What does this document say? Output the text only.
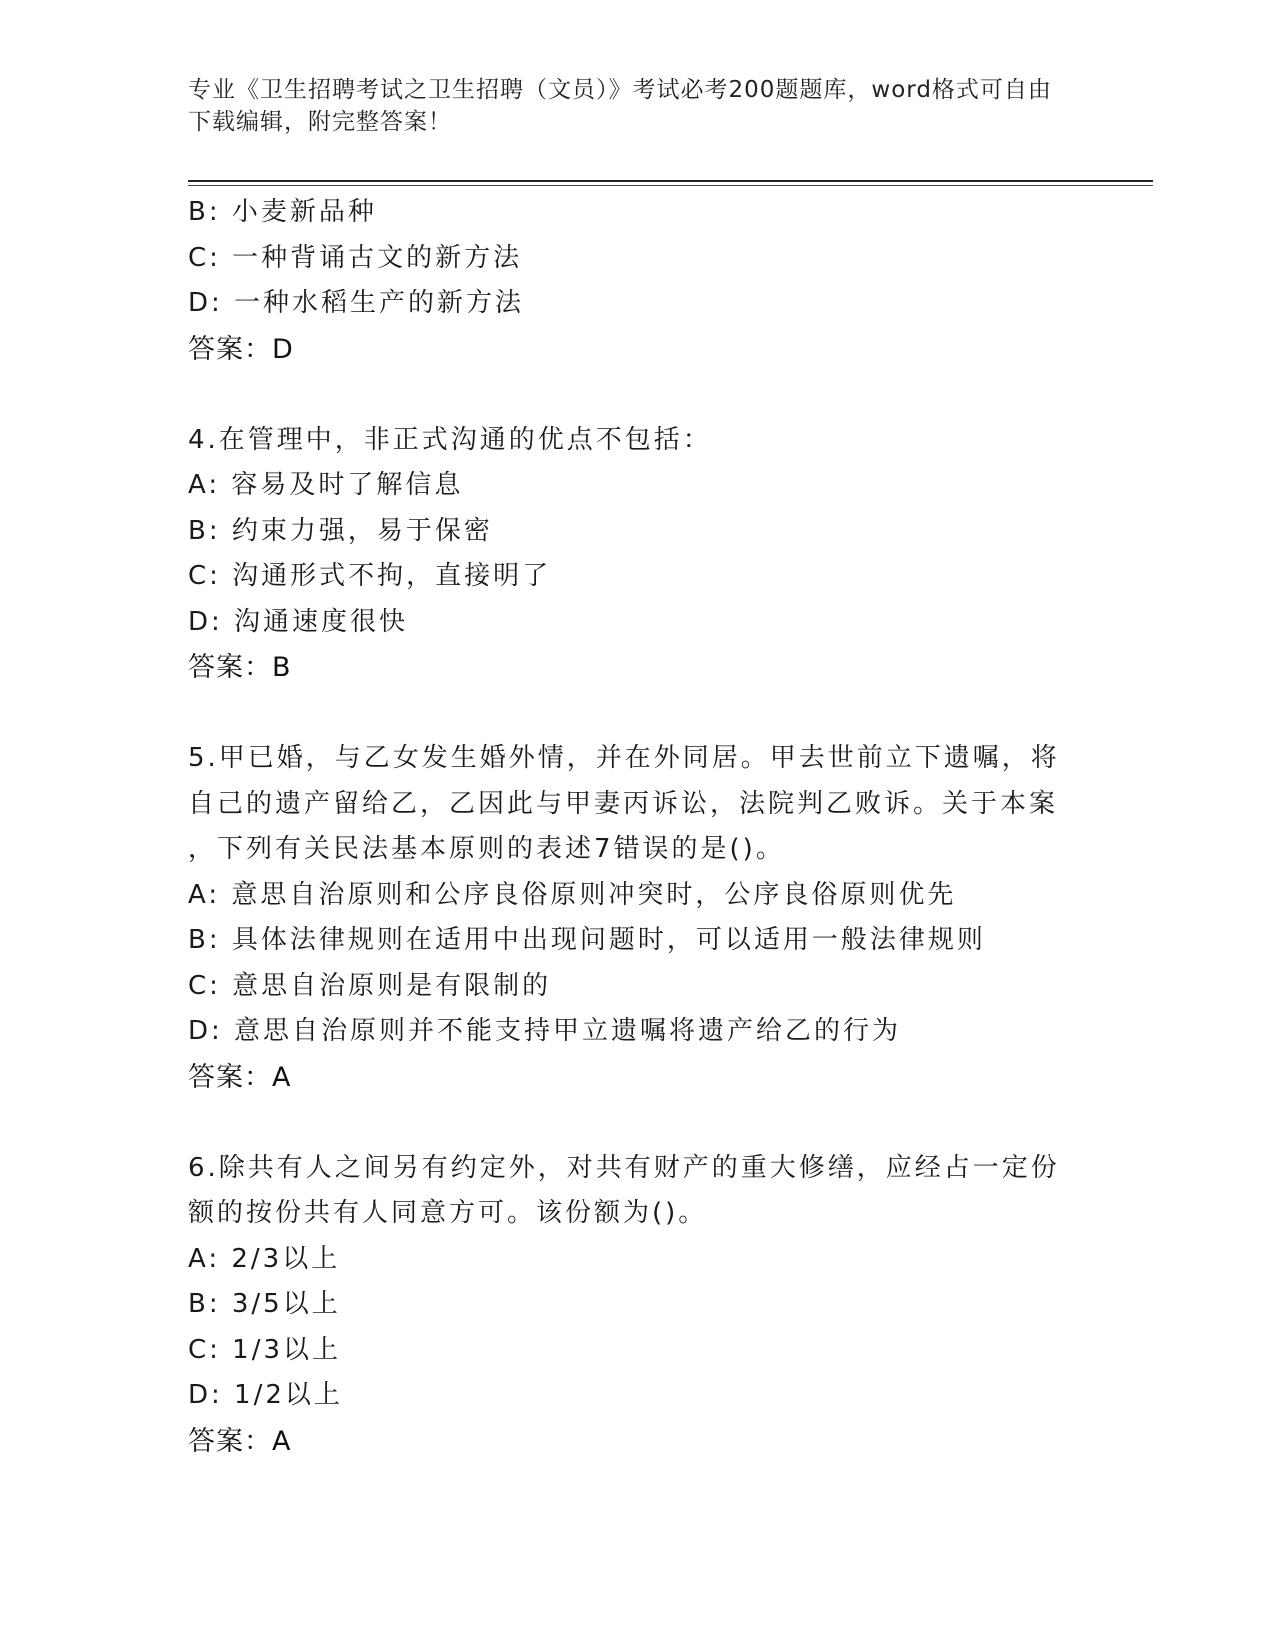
专业《卫生招聘考试之卫生招聘（文员）》考试必考200题题库，word格式可自由下载编辑，附完整答案！
B: 小麦新品种
C: 一种背诵古文的新方法
D: 一种水稻生产的新方法
答案：D
4.在管理中，非正式沟通的优点不包括：
A: 容易及时了解信息
B: 约束力强，易于保密
C: 沟通形式不拘，直接明了
D: 沟通速度很快
答案：B
5.甲已婚，与乙女发生婚外情，并在外同居。甲去世前立下遗嘱，将
自己的遗产留给乙，乙因此与甲妻丙诉讼，法院判乙败诉。关于本案
，下列有关民法基本原则的表述7错误的是()。
A: 意思自治原则和公序良俗原则冲突时，公序良俗原则优先
B: 具体法律规则在适用中出现问题时，可以适用一般法律规则
C: 意思自治原则是有限制的
D: 意思自治原则并不能支持甲立遗嘱将遗产给乙的行为
答案：A
6.除共有人之间另有约定外，对共有财产的重大修缮，应经占一定份
额的按份共有人同意方可。该份额为()。
A: 2/3以上
B: 3/5以上
C: 1/3以上
D: 1/2以上
答案：A
